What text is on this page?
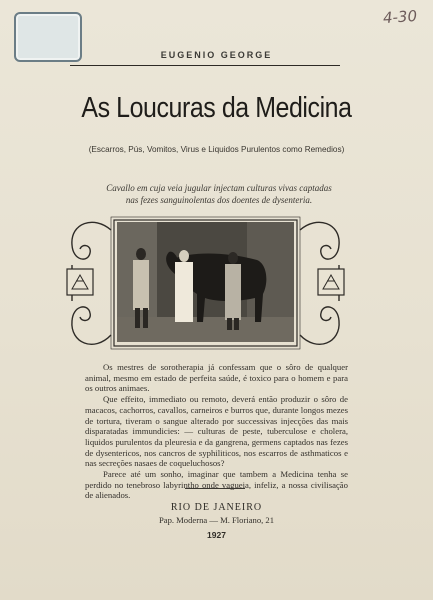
4-30
EUGENIO GEORGE
As Loucuras da Medicina
(Escarros, Pús, Vomitos, Virus e Liquidos Purulentos como Remedios)
Cavallo em cuja veia jugular injectam culturas vivas captadas
nas fezes sanguinolentas dos doentes de dysenteria.

Os mestres de sorotherapia já confessam que o sôro de qualquer animal, mesmo em estado de perfeita saúde, é toxico para o homem e para os outros animaes.

Que effeito, immediato ou remoto, deverá então produzir o sôro de macacos, cachorros, cavallos, carneiros e burros que, durante longos mezes de tortura, tiveram o sangue alterado por successivas injecções das mais disparatadas immundicies: — culturas de peste, tuberculose e cholera, liquidos purulentos da pleuresia e da gangrena, germens captados nas fezes de dysentericos, nos cancros de syphiliticos, nos escarros de asthmaticos e nas secreções nasaes de coqueluchosos?

Parece até um sonho, imaginar que tambem a Medicina tenha se perdido no tenebroso labyrintho onde vagueia, infeliz, a nossa civilisação de alienados.

RIO DE JANEIRO
Pap. Moderna — M. Floriano, 21
1927
